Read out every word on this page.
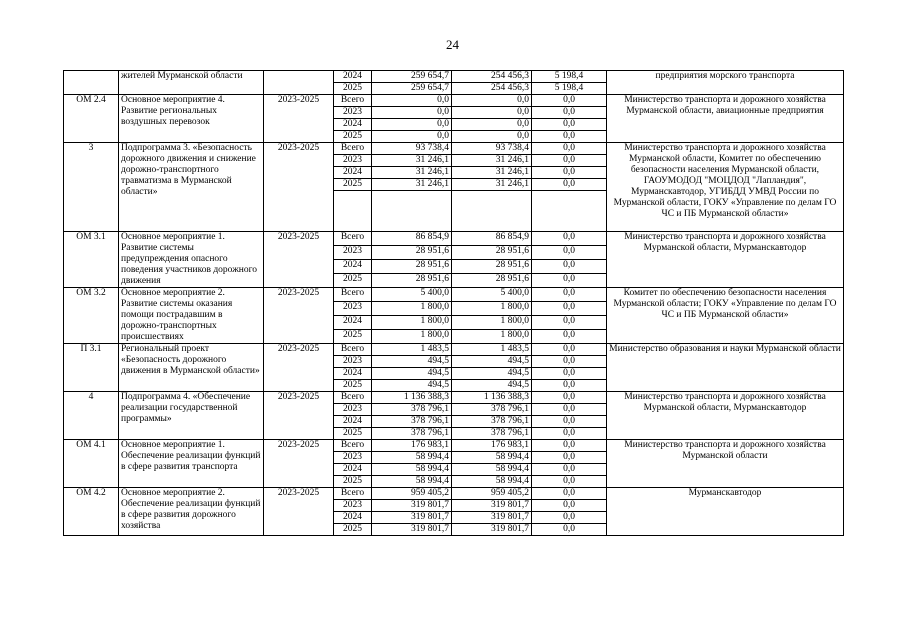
24
	жителей Мурманской области		2024	259 654,7	254 456,3	5 198,4	предприятия морского транспорта
			2025	259 654,7	254 456,3	5 198,4	
ОМ 2.4	Основное мероприятие 4. Развитие региональных воздушных перевозок	2023-2025	Всего	0,0	0,0	0,0	Министерство транспорта и дорожного хозяйства Мурманской области, авиационные предприятия
			2023	0,0	0,0	0,0	
			2024	0,0	0,0	0,0	
			2025	0,0	0,0	0,0	
3	Подпрограмма 3. «Безопасность дорожного движения и снижение дорожно-транспортного травматизма в Мурманской области»	2023-2025	Всего	93 738,4	93 738,4	0,0	Министерство транспорта и дорожного хозяйства Мурманской области, Комитет по обеспечению безопасности населения Мурманской области, ГАОУМОДОД "МОЦДОД "Лапландия", Мурманскавтодор, УГИБДД УМВД России по Мурманской области, ГОКУ «Управление по делам ГО ЧС и ПБ Мурманской области»
			2023	31 246,1	31 246,1	0,0	
			2024	31 246,1	31 246,1	0,0	
			2025	31 246,1	31 246,1	0,0	

ОМ 3.1	Основное мероприятие 1. Развитие системы предупреждения опасного поведения участников дорожного движения	2023-2025	Всего	86 854,9	86 854,9	0,0	Министерство транспорта и дорожного хозяйства Мурманской области, Мурманскавтодор
			2023	28 951,6	28 951,6	0,0	
			2024	28 951,6	28 951,6	0,0	
			2025	28 951,6	28 951,6	0,0	
ОМ 3.2	Основное мероприятие 2. Развитие системы оказания помощи пострадавшим в дорожно-транспортных происшествиях	2023-2025	Всего	5 400,0	5 400,0	0,0	Комитет по обеспечению безопасности населения Мурманской области; ГОКУ «Управление по делам ГО ЧС и ПБ Мурманской области»
			2023	1 800,0	1 800,0	0,0	
			2024	1 800,0	1 800,0	0,0	
			2025	1 800,0	1 800,0	0,0	
П 3.1	Региональный проект «Безопасность дорожного движения в Мурманской области»	2023-2025	Всего	1 483,5	1 483,5	0,0	Министерство образования и науки Мурманской области
			2023	494,5	494,5	0,0	
			2024	494,5	494,5	0,0	
			2025	494,5	494,5	0,0	
4	Подпрограмма 4. «Обеспечение реализации государственной программы»	2023-2025	Всего	1 136 388,3	1 136 388,3	0,0	Министерство транспорта и дорожного хозяйства Мурманской области, Мурманскавтодор
			2023	378 796,1	378 796,1	0,0	
			2024	378 796,1	378 796,1	0,0	
			2025	378 796,1	378 796,1	0,0	
ОМ 4.1	Основное мероприятие 1. Обеспечение реализации функций в сфере развития транспорта	2023-2025	Всего	176 983,1	176 983,1	0,0	Министерство транспорта и дорожного хозяйства Мурманской области
			2023	58 994,4	58 994,4	0,0	
			2024	58 994,4	58 994,4	0,0	
			2025	58 994,4	58 994,4	0,0	
ОМ 4.2	Основное мероприятие 2. Обеспечение реализации функций в сфере развития дорожного хозяйства	2023-2025	Всего	959 405,2	959 405,2	0,0	Мурманскавтодор
			2023	319 801,7	319 801,7	0,0	
			2024	319 801,7	319 801,7	0,0	
			2025	319 801,7	319 801,7	0,0	
